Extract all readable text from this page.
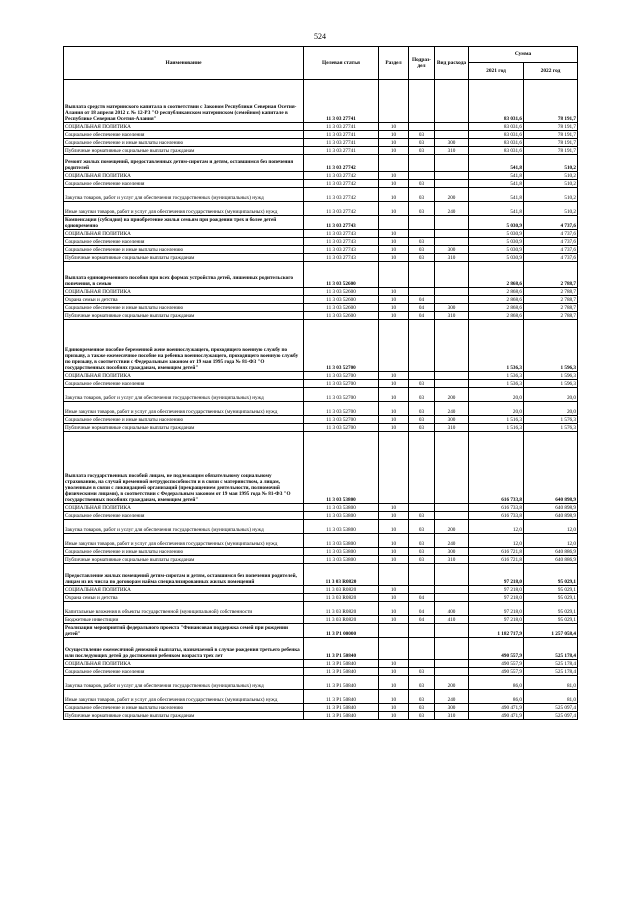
524
Наименование	Целевая статья	Раздел	Подраз-дел	Вид расхода	Сумма	
					2021 год	2022 год
Выплата средств материнского капитала в соответствии с Законом Республики Северная Осетия-Алания от 18 апреля 2012 г. № 12-РЗ "О республиканском материнском (семейном) капитале в Республике Северная Осетия-Алания"	11 3 03 27741				83 031,6	78 191,7
СОЦИАЛЬНАЯ ПОЛИТИКА	11 3 03 27741	10			83 031,6	78 191,7
Социальное обеспечение населения	11 3 03 27741	10	03		83 031,6	78 191,7
Социальное обеспечение и иные выплаты населению	11 3 03 27741	10	03	300	83 031,6	78 191,7
Публичные нормативные социальные выплаты гражданам	11 3 03 27741	10	03	310	83 031,6	78 191,7
Ремонт жилых помещений, предоставленных детям-сиротам и детям, оставшимся без попечения родителей	11 3 03 27742				541,8	510,2
СОЦИАЛЬНАЯ ПОЛИТИКА	11 3 03 27742	10			541,8	510,2
Социальное обеспечение населения	11 3 03 27742	10	03		541,8	510,2
Закупка товаров, работ и услуг для обеспечения государственных (муниципальных) нужд	11 3 03 27742	10	03	200	541,8	510,2
Иные закупки товаров, работ и услуг для обеспечения государственных (муниципальных) нужд	11 3 03 27742	10	03	240	541,8	510,2
Компенсация (субсидия) на приобретение жилья семьям при рождении трех и более детей одновременно	11 3 03 27743				5 030,9	4 737,6
СОЦИАЛЬНАЯ ПОЛИТИКА	11 3 03 27743	10			5 030,9	4 737,6
Социальное обеспечение населения	11 3 03 27743	10	03		5 030,9	4 737,6
Социальное обеспечение и иные выплаты населению	11 3 03 27743	10	03	300	5 030,9	4 737,6
Публичные нормативные социальные выплаты гражданам	11 3 03 27743	10	03	310	5 030,9	4 737,6
Выплата единовременного пособия при всех формах устройства детей, лишенных родительского попечения, в семью	11 3 03 52600				2 868,6	2 788,7
СОЦИАЛЬНАЯ ПОЛИТИКА	11 3 03 52600	10			2 868,6	2 788,7
Охрана семьи и детства	11 3 03 52600	10	04		2 868,6	2 788,7
Социальное обеспечение и иные выплаты населению	11 3 03 52600	10	04	300	2 868,6	2 788,7
Публичные нормативные социальные выплаты гражданам	11 3 03 52600	10	04	310	2 868,6	2 788,7
Единовременное пособие беременной жене военнослужащего, проходящего военную службу по призыву, а также ежемесячное пособие на ребенка военнослужащего, проходящего военную службу по призыву, в соответствии с Федеральным законом от 19 мая 1995 года № 81-ФЗ "О государственных пособиях гражданам, имеющим детей"	11 3 03 52700				1 536,3	1 596,3
СОЦИАЛЬНАЯ ПОЛИТИКА	11 3 03 52700	10			1 536,3	1 596,3
Социальное обеспечение населения	11 3 03 52700	10	03		1 536,3	1 596,3
Закупка товаров, работ и услуг для обеспечения государственных (муниципальных) нужд	11 3 03 52700	10	03	200	20,0	20,0
Иные закупки товаров, работ и услуг для обеспечения государственных (муниципальных) нужд	11 3 03 52700	10	03	240	20,0	20,0
Социальное обеспечение и иные выплаты населению	11 3 03 52700	10	03	300	1 516,3	1 576,3
Публичные нормативные социальные выплаты гражданам	11 3 03 52700	10	03	310	1 516,3	1 576,3
Выплата государственных пособий лицам, не подлежащим обязательному социальному страхованию, на случай временной нетрудоспособности и в связи с материнством, а лицам, уволенным в связи с ликвидацией организаций (прекращением деятельности, полномочий физическими лицами), в соответствии с Федеральным законом от 19 мая 1995 года № 81-ФЗ "О государственных пособиях гражданам, имеющим детей"	11 3 03 53800				616 733,8	640 898,9
СОЦИАЛЬНАЯ ПОЛИТИКА	11 3 03 53800	10			616 733,8	640 898,9
Социальное обеспечение населения	11 3 03 53800	10	03		616 733,8	640 898,9
Закупка товаров, работ и услуг для обеспечения государственных (муниципальных) нужд	11 3 03 53800	10	03	200	12,0	12,0
Иные закупки товаров, работ и услуг для обеспечения государственных (муниципальных) нужд	11 3 03 53800	10	03	240	12,0	12,0
Социальное обеспечение и иные выплаты населению	11 3 03 53800	10	03	300	616 721,8	640 886,9
Публичные нормативные социальные выплаты гражданам	11 3 03 53800	10	03	310	616 721,8	640 886,9
Предоставление жилых помещений детям-сиротам и детям, оставшимся без попечения родителей, лицам из их числа по договорам найма специализированных жилых помещений	11 3 03 R0820				97 218,0	95 029,1
СОЦИАЛЬНАЯ ПОЛИТИКА	11 3 03 R0820	10			97 218,0	95 029,1
Охрана семьи и детства	11 3 03 R0820	10	04		97 218,0	95 029,1
Капитальные вложения в объекты государственной (муниципальной) собственности	11 3 03 R0820	10	04	400	97 218,0	95 029,1
Бюджетные инвестиции	11 3 03 R0820	10	04	410	97 218,0	95 029,1
Реализация мероприятий федерального проекта "Финансовая поддержка семей при рождении детей"	11 3 P1 00000				1 182 717,9	1 257 058,4
Осуществление ежемесячной денежной выплаты, назначаемой в случае рождения третьего ребенка или последующих детей до достижения ребенком возраста трех лет	11 3 P1 50840				490 557,9	525 178,4
СОЦИАЛЬНАЯ ПОЛИТИКА	11 3 P1 50840	10			490 557,9	525 178,4
Социальное обеспечение населения	11 3 P1 50840	10	03		490 557,9	525 178,4
Закупка товаров, работ и услуг для обеспечения государственных (муниципальных) нужд	11 3 P1 50840	10	03	200	86,0	81,0
Иные закупки товаров, работ и услуг для обеспечения государственных (муниципальных) нужд	11 3 P1 50840	10	03	240	86,0	81,0
Социальное обеспечение и иные выплаты населению	11 3 P1 50840	10	03	300	490 471,9	525 097,4
Публичные нормативные социальные выплаты гражданам	11 3 P1 50840	10	03	310	490 471,9	525 097,4
